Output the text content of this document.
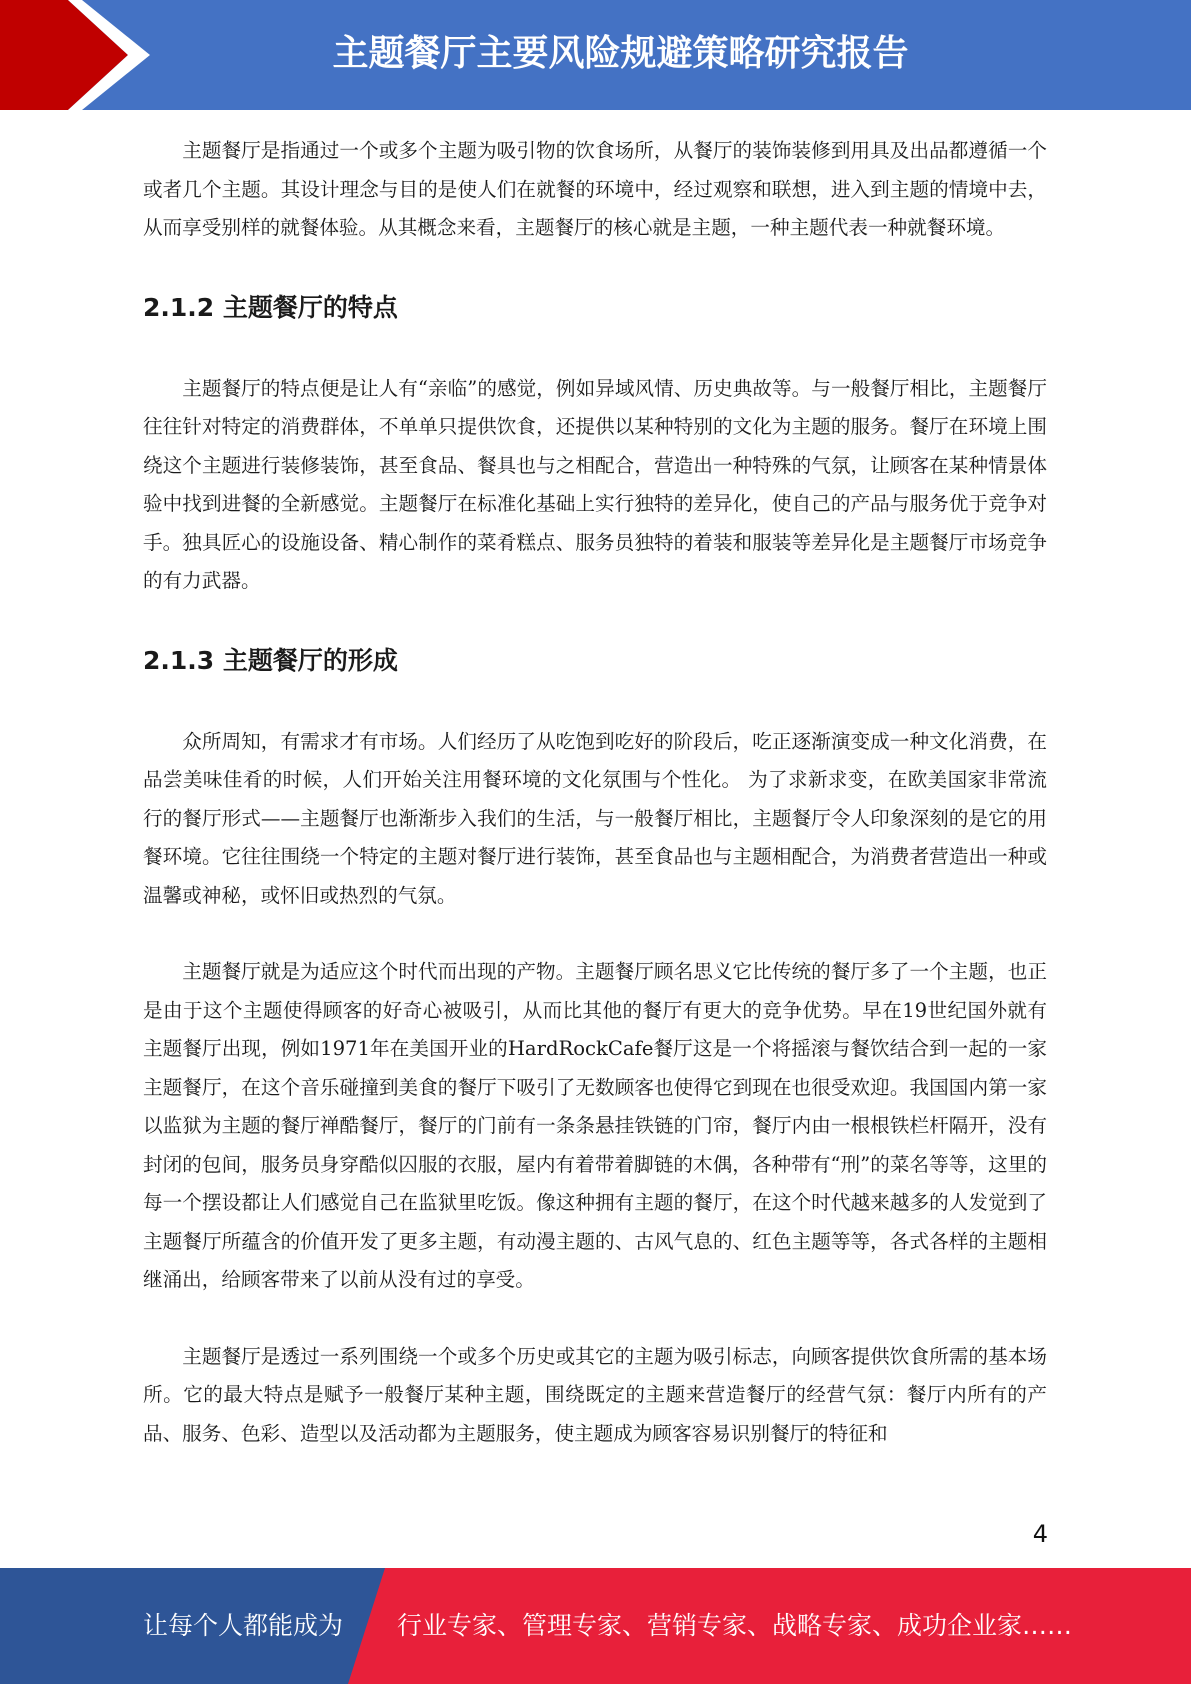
主题餐厅主要风险规避策略研究报告

主题餐厅是指通过一个或多个主题为吸引物的饮食场所，从餐厅的装饰装修到用具及出品都遵循一个或者几个主题。其设计理念与目的是使人们在就餐的环境中，经过观察和联想，进入到主题的情境中去，从而享受别样的就餐体验。从其概念来看，主题餐厅的核心就是主题，一种主题代表一种就餐环境。

2.1.2 主题餐厅的特点

主题餐厅的特点便是让人有“亲临”的感觉，例如异域风情、历史典故等。与一般餐厅相比，主题餐厅往往针对特定的消费群体，不单单只提供饮食，还提供以某种特别的文化为主题的服务。餐厅在环境上围绕这个主题进行装修装饰，甚至食品、餐具也与之相配合，营造出一种特殊的气氛，让顾客在某种情景体验中找到进餐的全新感觉。主题餐厅在标准化基础上实行独特的差异化，使自己的产品与服务优于竞争对手。独具匠心的设施设备、精心制作的菜肴糕点、服务员独特的着装和服装等差异化是主题餐厅市场竞争的有力武器。

2.1.3 主题餐厅的形成

众所周知，有需求才有市场。人们经历了从吃饱到吃好的阶段后，吃正逐渐演变成一种文化消费，在品尝美味佳肴的时候，人们开始关注用餐环境的文化氛围与个性化。 为了求新求变，在欧美国家非常流行的餐厅形式——主题餐厅也渐渐步入我们的生活，与一般餐厅相比，主题餐厅令人印象深刻的是它的用餐环境。它往往围绕一个特定的主题对餐厅进行装饰，甚至食品也与主题相配合，为消费者营造出一种或温馨或神秘，或怀旧或热烈的气氛。

主题餐厅就是为适应这个时代而出现的产物。主题餐厅顾名思义它比传统的餐厅多了一个主题，也正是由于这个主题使得顾客的好奇心被吸引，从而比其他的餐厅有更大的竞争优势。早在19世纪国外就有主题餐厅出现，例如1971年在美国开业的HardRockCafe餐厅这是一个将摇滚与餐饮结合到一起的一家主题餐厅，在这个音乐碰撞到美食的餐厅下吸引了无数顾客也使得它到现在也很受欢迎。我国国内第一家以监狱为主题的餐厅禅酷餐厅，餐厅的门前有一条条悬挂铁链的门帘，餐厅内由一根根铁栏杆隔开，没有封闭的包间，服务员身穿酷似囚服的衣服，屋内有着带着脚链的木偶，各种带有“刑”的菜名等等，这里的每一个摆设都让人们感觉自己在监狱里吃饭。像这种拥有主题的餐厅，在这个时代越来越多的人发觉到了主题餐厅所蕴含的价值开发了更多主题，有动漫主题的、古风气息的、红色主题等等，各式各样的主题相继涌出，给顾客带来了以前从没有过的享受。

主题餐厅是透过一系列围绕一个或多个历史或其它的主题为吸引标志，向顾客提供饮食所需的基本场所。它的最大特点是赋予一般餐厅某种主题，围绕既定的主题来营造餐厅的经营气氛：餐厅内所有的产品、服务、色彩、造型以及活动都为主题服务，使主题成为顾客容易识别餐厅的特征和

4
让每个人都能成为 行业专家、管理专家、营销专家、战略专家、成功企业家……
